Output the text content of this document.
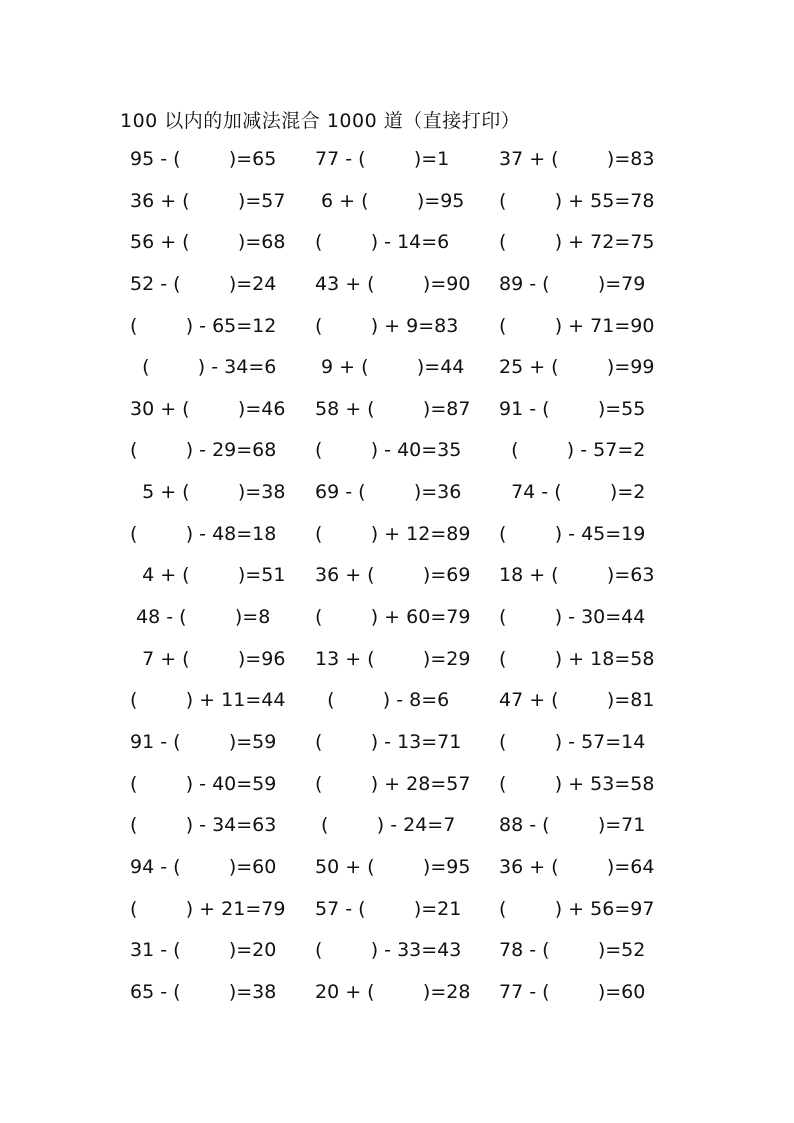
100 以内的加减法混合 1000 道（直接打印）
95 - (        )=65 77 - (        )=1	37 + (        )=83
36 + (        )=57 6 + (        )=95 (        ) + 55=78
56 + (        )=68 (        ) - 14=6	(        ) + 72=75
52 - (        )=24 43 + (        )=90 89 - (        )=79
(        ) - 65=12 (        ) + 9=83 (        ) + 71=90
(        ) - 34=6 9 + (        )=44 25 + (        )=99
30 + (        )=46 58 + (        )=87 91 - (        )=55
(        ) - 29=68 (        ) - 40=35 (        ) - 57=2
5 + (        )=38 69 - (        )=36 74 - (        )=2
(        ) - 48=18 (        ) + 12=89 (        ) - 45=19
4 + (        )=51 36 + (        )=69 18 + (        )=63
48 - (        )=8 (        ) + 60=79 (        ) - 30=44
7 + (        )=96 13 + (        )=29 (        ) + 18=58
(        ) + 11=44 (        ) - 8=6	47 + (        )=81
91 - (        )=59 (        ) - 13=71 (        ) - 57=14
(        ) - 40=59 (        ) + 28=57 (        ) + 53=58
(        ) - 34=63 (        ) - 24=7 88 - (        )=71
94 - (        )=60 50 + (        )=95 36 + (        )=64
(        ) + 21=79 57 - (        )=21 (        ) + 56=97
31 - (        )=20 (        ) - 33=43 78 - (        )=52
65 - (        )=38 20 + (        )=28 77 - (        )=60
